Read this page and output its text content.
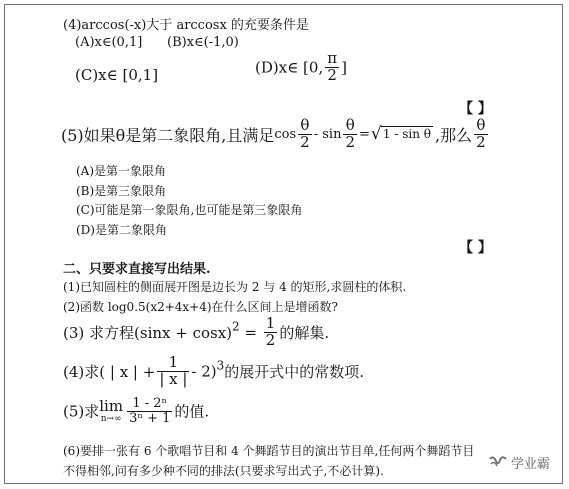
(4)arccos(-x)大于 arccosx 的充要条件是
(A)x∈(0,1] (B)x∈(-1,0)
(C)x∈ [0,1]	(D)x∈ [0, $\frac{\pi}{2}$ ]
【 】
(5)如果θ是第二象限角,且满足$\cos \frac{\theta}{2}$ - $\sin \frac{\theta}{2}$ = √ 1 - sin θ ,那么 $\frac{\theta}{2}$
(A)是第一象限角
(B)是第三象限角
(C)可能是第一象限角,也可能是第三象限角
(D)是第二象限角
【 】
二、只要求直接写出结果.
(1)已知圆柱的侧面展开图是边长为 2 与 4 的矩形,求圆柱的体积.
(2)函数 log0.5(x2+4x+4)在什么区间上是增函数?
(3) 求方程$(\sin x + \cos x)^2 = \frac{1}{2}$ 的解集.
(4)求( | x | + $\frac{1}{| x |} - 2)^3$的展开式中的常数项.
(5)求 lim
$n\to\infty \frac{\text{1 - 2ⁿ}}{\text{3ⁿ + 1}}$ 的值.
(6)要排一张有 6 个歌唱节目和 4 个舞蹈节目的演出节目单,任何两个舞蹈节目
不得相邻,问有多少种不同的排法(只要求写出式子,不必计算).	学业霸
